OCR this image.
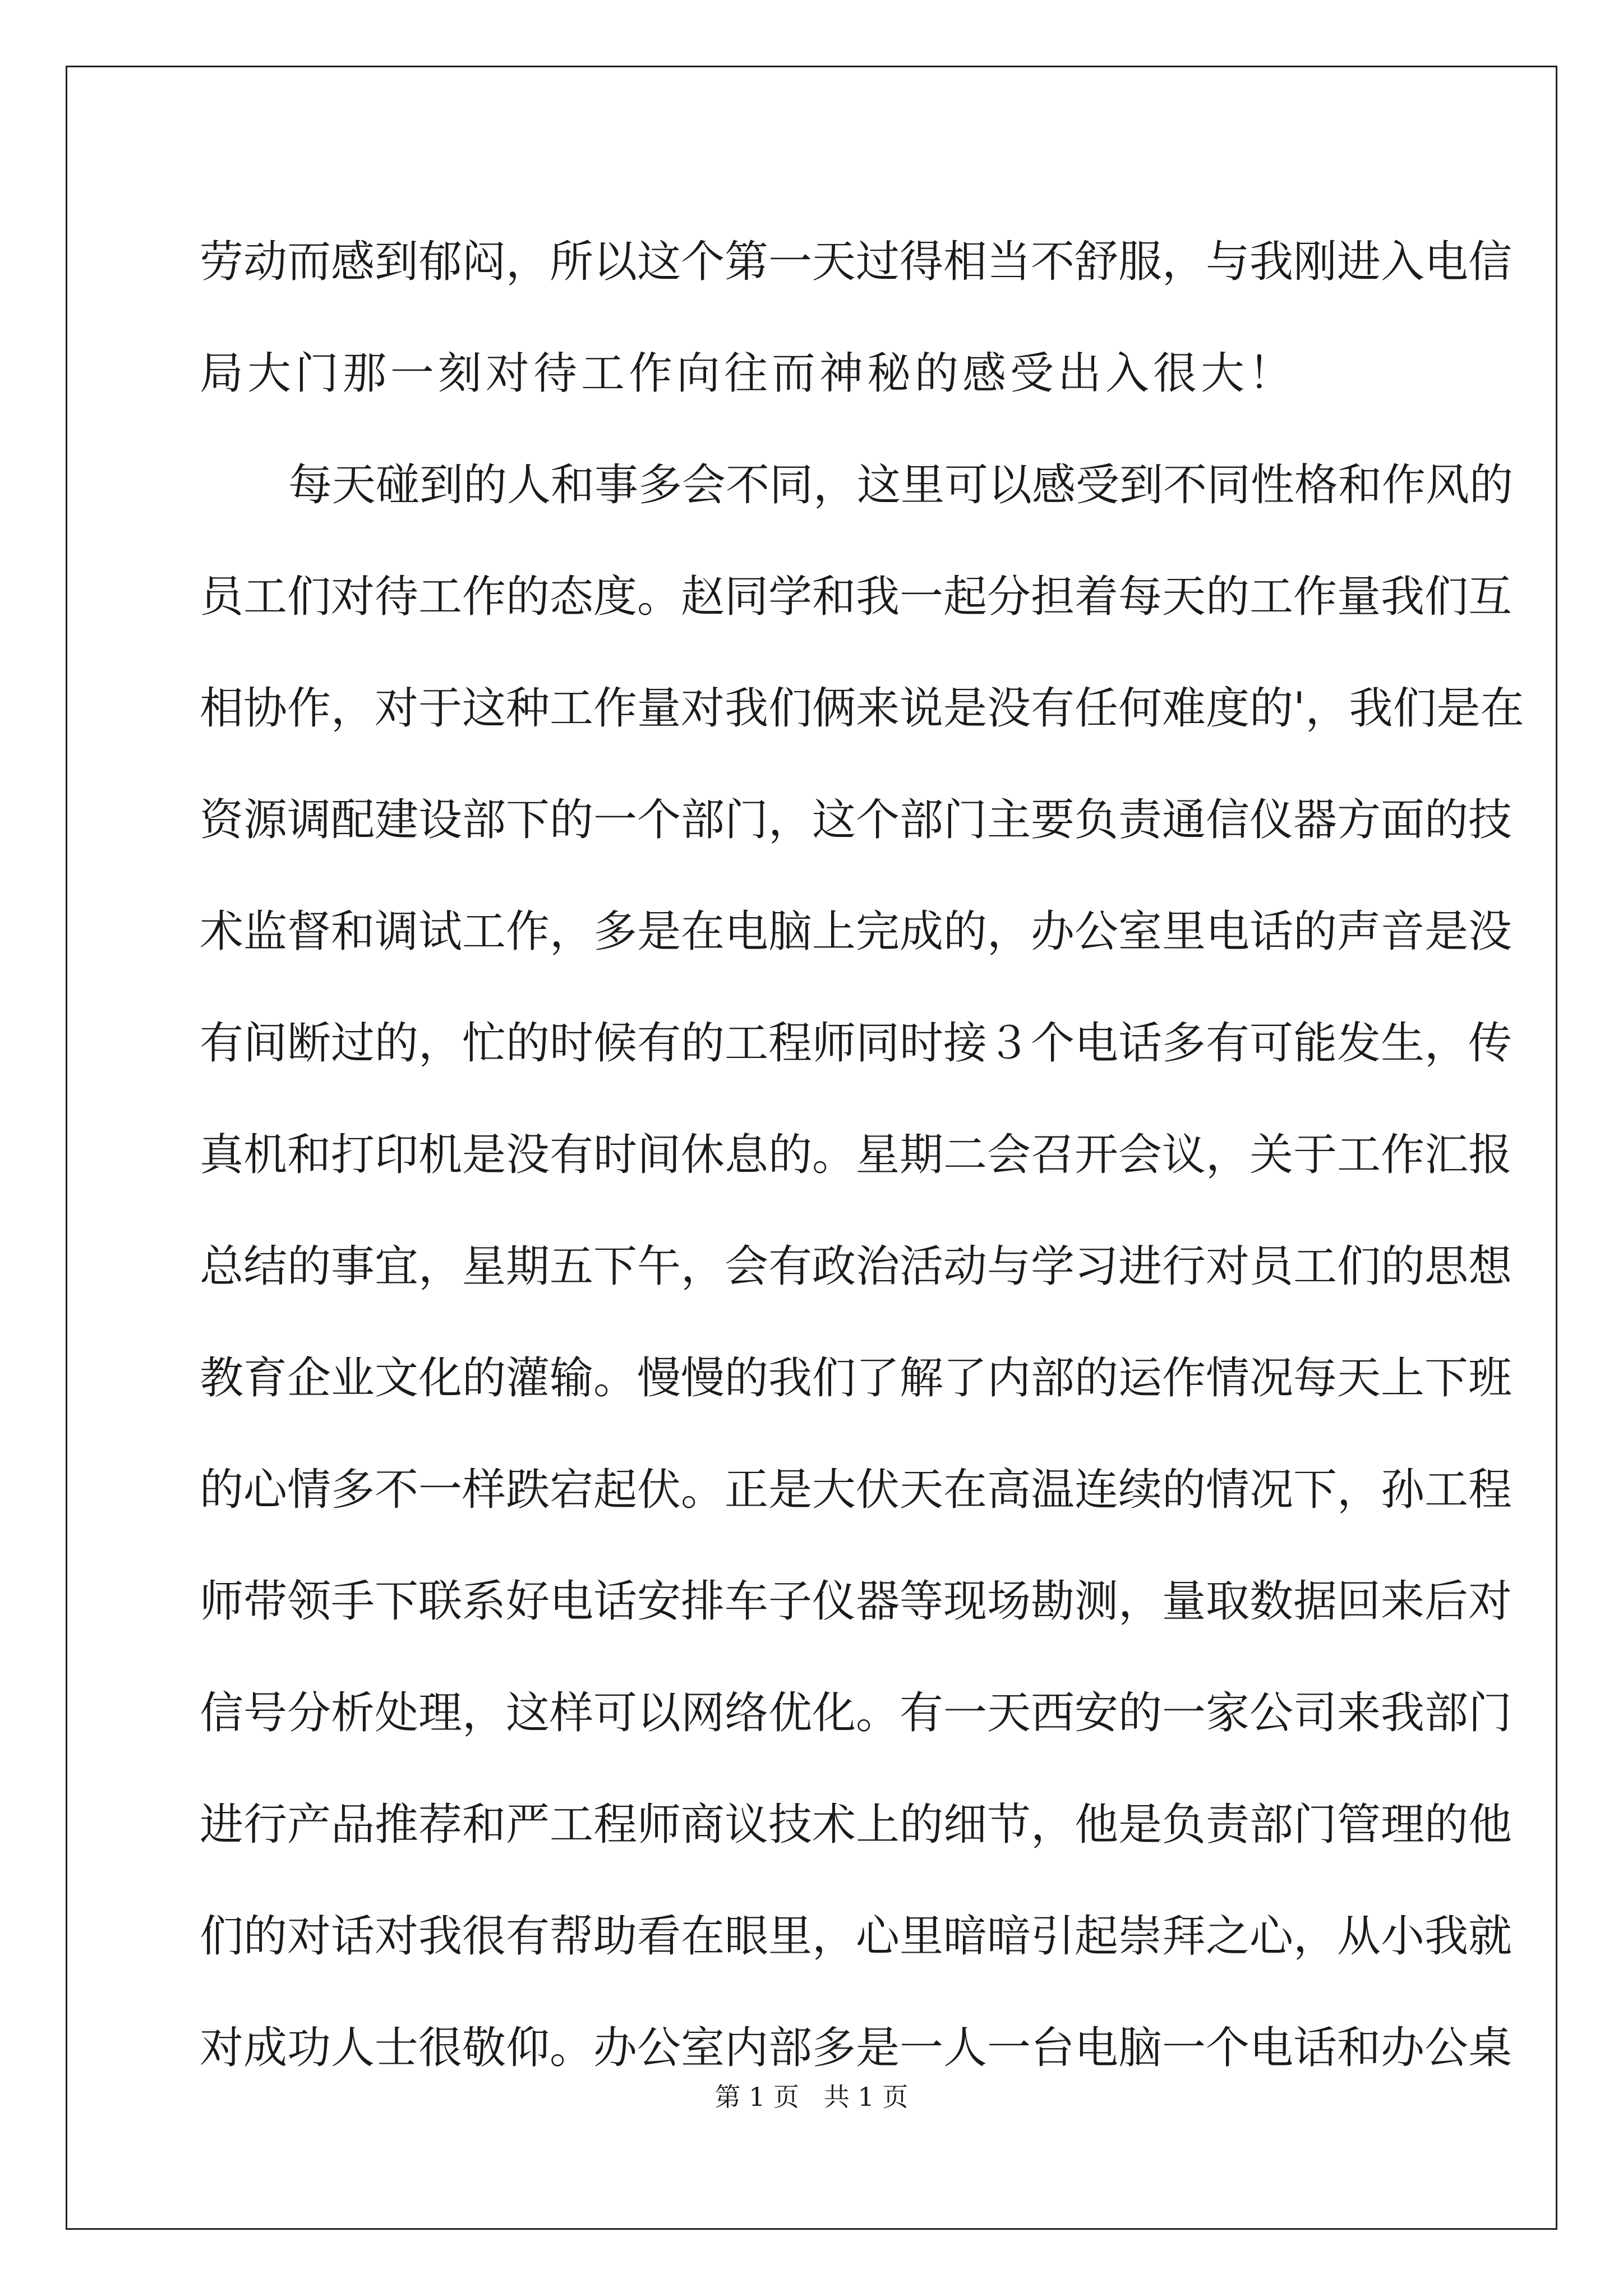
劳动而感到郁闷，所以这个第一天过得相当不舒服，与我刚进入电信
局大门那一刻对待工作向往而神秘的感受出入很大！
每天碰到的人和事多会不同，这里可以感受到不同性格和作风的
员工们对待工作的态度。赵同学和我一起分担着每天的工作量我们互
相协作，对于这种工作量对我们俩来说是没有任何难度的'，我们是在
资源调配建设部下的一个部门，这个部门主要负责通信仪器方面的技
术监督和调试工作，多是在电脑上完成的，办公室里电话的声音是没
有间断过的，忙的时候有的工程师同时接３个电话多有可能发生，传
真机和打印机是没有时间休息的。星期二会召开会议，关于工作汇报
总结的事宜，星期五下午，会有政治活动与学习进行对员工们的思想
教育企业文化的灌输。慢慢的我们了解了内部的运作情况每天上下班
的心情多不一样跌宕起伏。正是大伏天在高温连续的情况下，孙工程
师带领手下联系好电话安排车子仪器等现场勘测，量取数据回来后对
信号分析处理，这样可以网络优化。有一天西安的一家公司来我部门
进行产品推荐和严工程师商议技术上的细节，他是负责部门管理的他
们的对话对我很有帮助看在眼里，心里暗暗引起崇拜之心，从小我就
对成功人士很敬仰。办公室内部多是一人一台电脑一个电话和办公桌
第 1 页   共 1 页
